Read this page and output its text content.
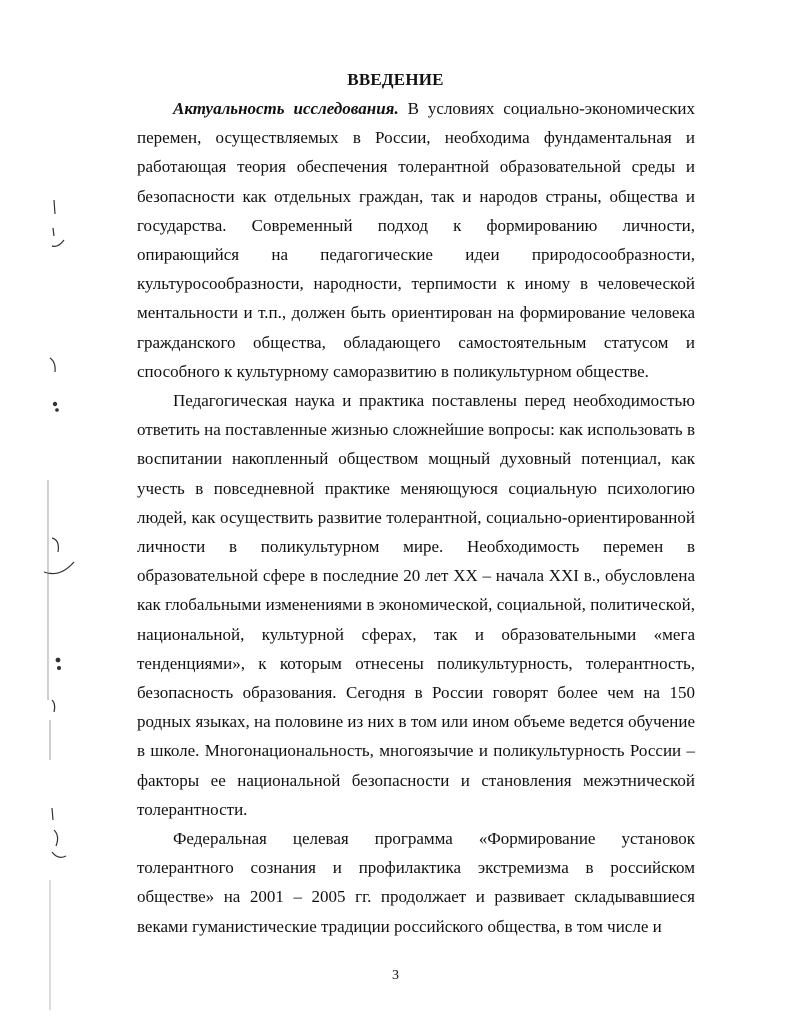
ВВЕДЕНИЕ

Актуальность исследования. В условиях социально-экономических перемен, осуществляемых в России, необходима фундаментальная и работающая теория обеспечения толерантной образовательной среды и безопасности как отдельных граждан, так и народов страны, общества и государства. Современный подход к формированию личности, опирающийся на педагогические идеи природосообразности, культуросообразности, народности, терпимости к иному в человеческой ментальности и т.п., должен быть ориентирован на формирование человека гражданского общества, обладающего самостоятельным статусом и способного к культурному саморазвитию в поликультурном обществе.

Педагогическая наука и практика поставлены перед необходимостью ответить на поставленные жизнью сложнейшие вопросы: как использовать в воспитании накопленный обществом мощный духовный потенциал, как учесть в повседневной практике меняющуюся социальную психологию людей, как осуществить развитие толерантной, социально-ориентированной личности в поликультурном мире. Необходимость перемен в образовательной сфере в последние 20 лет ХХ – начала XXI в., обусловлена как глобальными изменениями в экономической, социальной, политической, национальной, культурной сферах, так и образовательными «мега тенденциями», к которым отнесены поликультурность, толерантность, безопасность образования. Сегодня в России говорят более чем на 150 родных языках, на половине из них в том или ином объеме ведется обучение в школе. Многонациональность, многоязычие и поликультурность России – факторы ее национальной безопасности и становления межэтнической толерантности.

Федеральная целевая программа «Формирование установок толерантного сознания и профилактика экстремизма в российском обществе» на 2001 – 2005 гг. продолжает и развивает складывавшиеся веками гуманистические традиции российского общества, в том числе и

3
